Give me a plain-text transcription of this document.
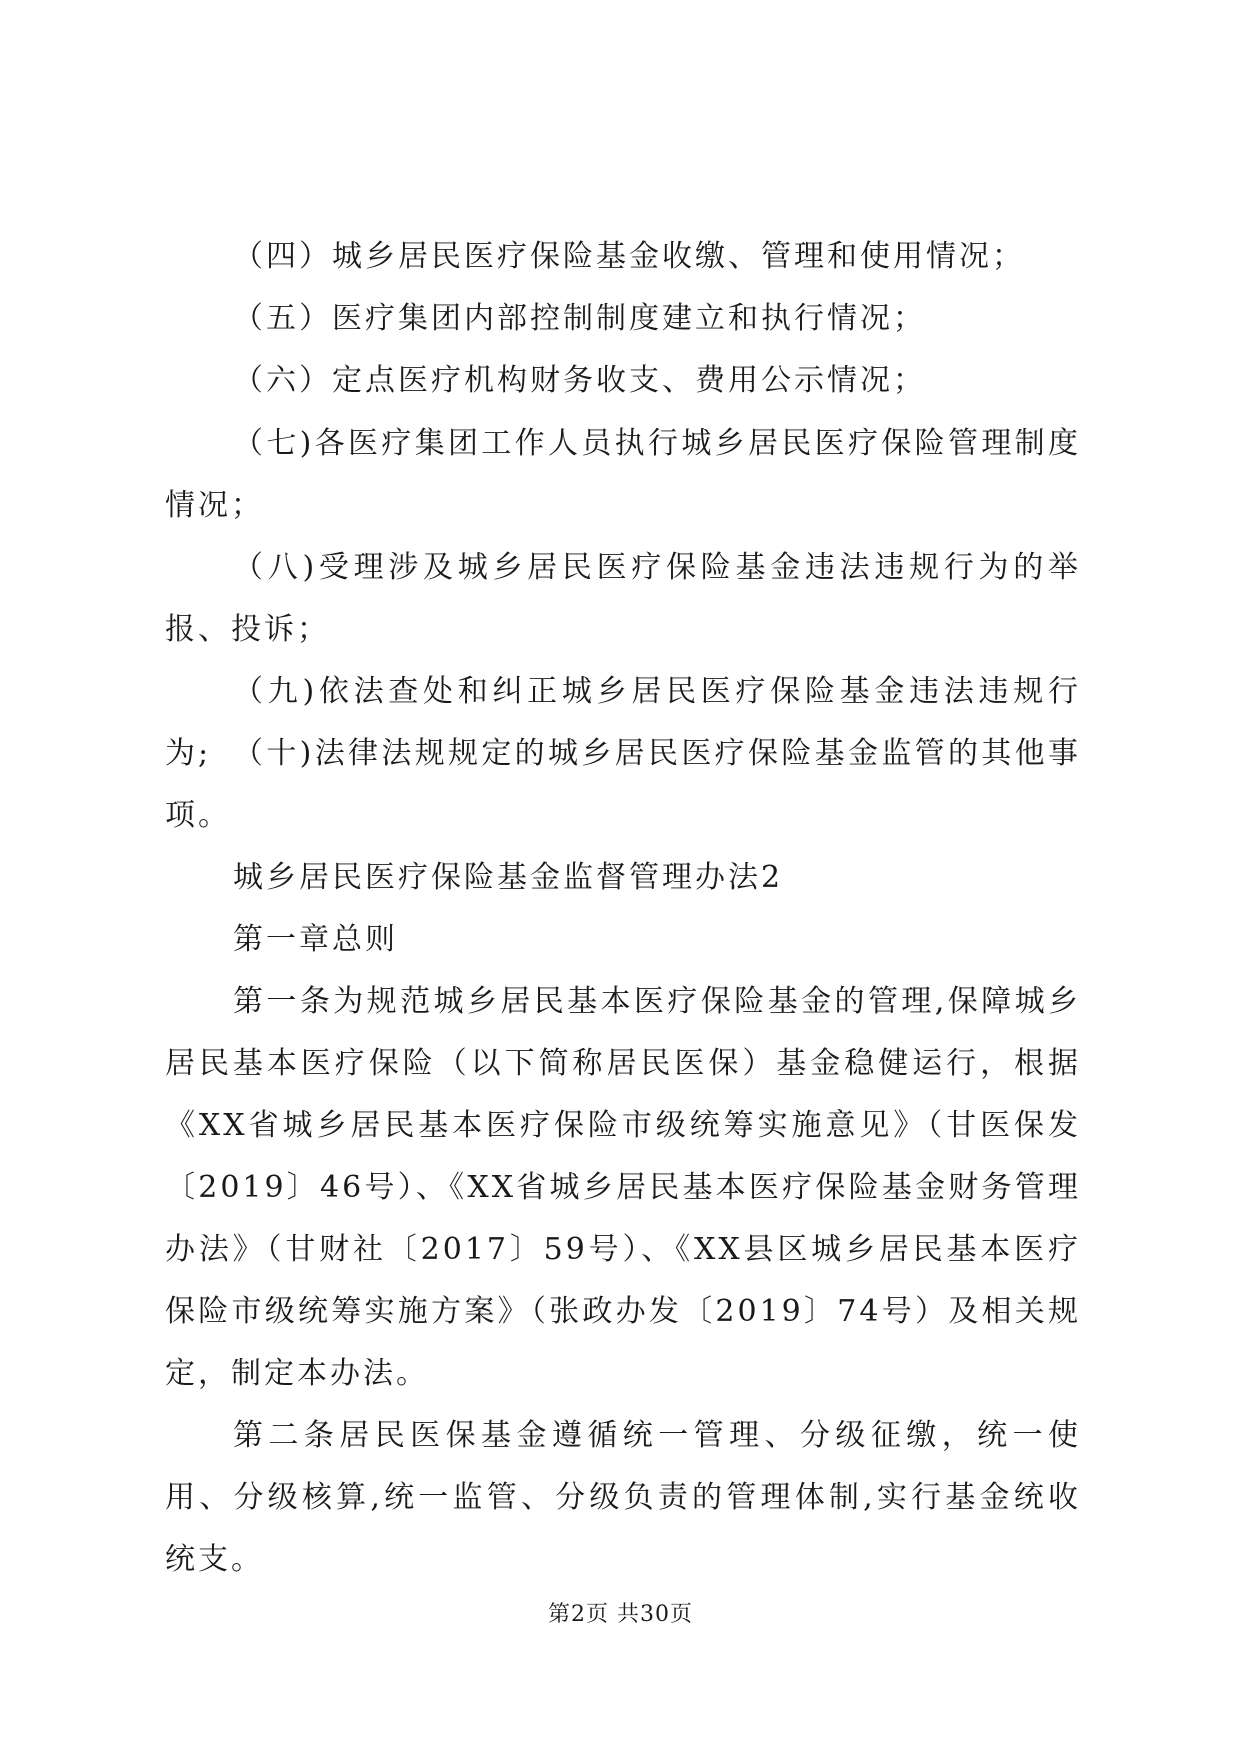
（四）城乡居民医疗保险基金收缴、管理和使用情况；

（五）医疗集团内部控制制度建立和执行情况；

（六）定点医疗机构财务收支、费用公示情况；

（七)各医疗集团工作人员执行城乡居民医疗保险管理制度情况；

（八)受理涉及城乡居民医疗保险基金违法违规行为的举报、投诉；

（九)依法查处和纠正城乡居民医疗保险基金违法违规行为; （十)法律法规规定的城乡居民医疗保险基金监管的其他事项。

城乡居民医疗保险基金监督管理办法2

第一章总则

第一条为规范城乡居民基本医疗保险基金的管理,保障城乡居民基本医疗保险（以下简称居民医保）基金稳健运行，根据《XX省城乡居民基本医疗保险市级统筹实施意见》（甘医保发〔2019〕46号）、《XX省城乡居民基本医疗保险基金财务管理办法》（甘财社〔2017〕59号）、《XX县区城乡居民基本医疗保险市级统筹实施方案》（张政办发〔2019〕74号）及相关规定，制定本办法。

第二条居民医保基金遵循统一管理、分级征缴，统一使用、分级核算,统一监管、分级负责的管理体制,实行基金统收统支。

第2页 共30页
